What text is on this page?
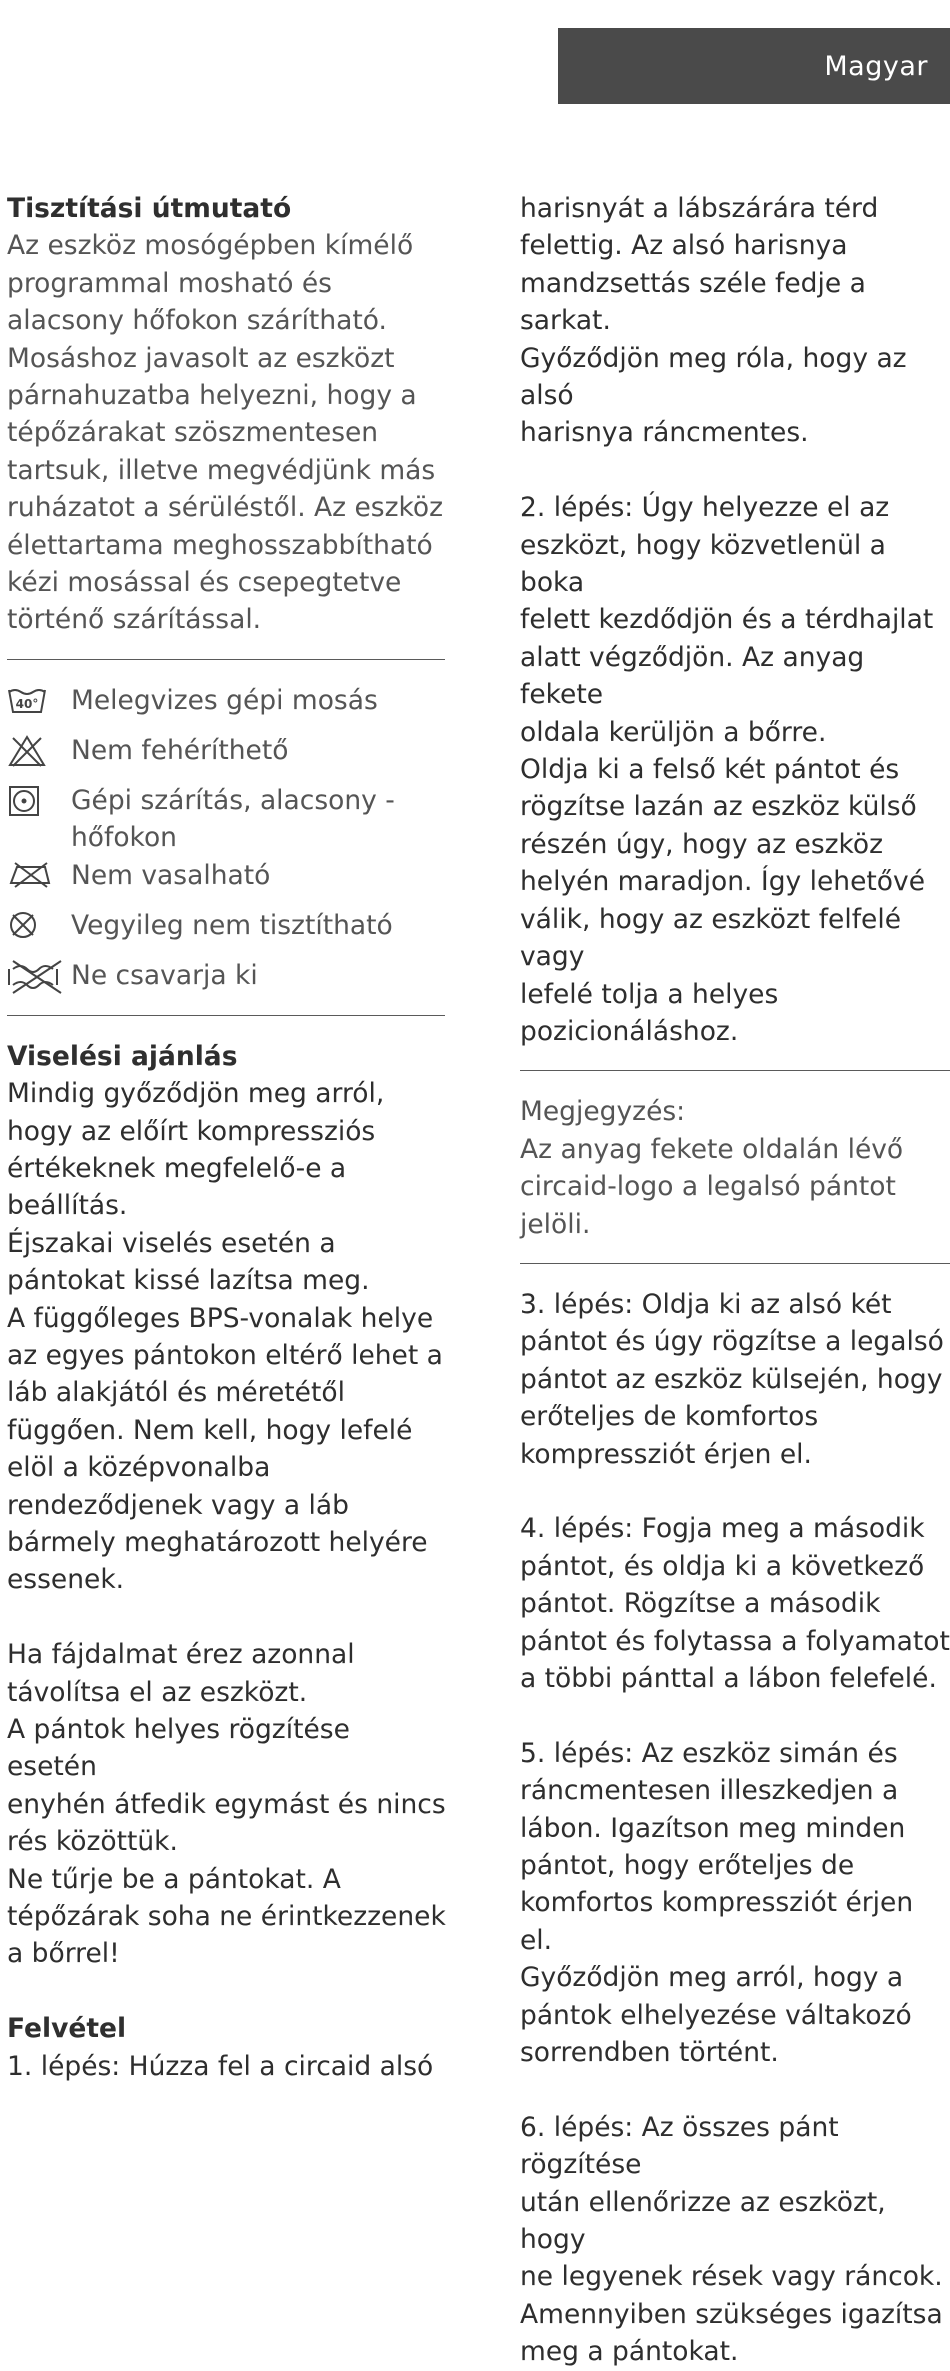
Magyar
Tisztítási útmutató
Az eszköz mosógépben kímélő
programmal mosható és
alacsony hőfokon szárítható.
Mosáshoz javasolt az eszközt
párnahuzatba helyezni, hogy a
tépőzárakat szöszmentesen
tartsuk, illetve megvédjünk más
ruházatot a sérüléstől. Az eszköz
élettartama meghosszabbítható
kézi mosással és csepegtetve
történő szárítással.
40° Melegvizes gépi mosás
Nem fehéríthető
Gépi szárítás, alacsony -
hőfokon
Nem vasalható
Vegyileg nem tisztítható
Ne csavarja ki
Viselési ajánlás
Mindig győződjön meg arról,
hogy az előírt kompressziós
értékeknek megfelelő-e a
beállítás.
Éjszakai viselés esetén a
pántokat kissé lazítsa meg.
A függőleges BPS-vonalak helye
az egyes pántokon eltérő lehet a
láb alakjától és méretétől
függően. Nem kell, hogy lefelé
elöl a középvonalba
rendeződjenek vagy a láb
bármely meghatározott helyére
essenek.
Ha fájdalmat érez azonnal
távolítsa el az eszközt.
A pántok helyes rögzítése esetén
enyhén átfedik egymást és nincs
rés közöttük.
Ne tűrje be a pántokat. A
tépőzárak soha ne érintkezzenek
a bőrrel!
Felvétel
1. lépés: Húzza fel a circaid alsó
harisnyát a lábszárára térd
felettig. Az alsó harisnya
mandzsettás széle fedje a sarkat.
Győződjön meg róla, hogy az alsó
harisnya ráncmentes.
2. lépés: Úgy helyezze el az
eszközt, hogy közvetlenül a boka
felett kezdődjön és a térdhajlat
alatt végződjön. Az anyag fekete
oldala kerüljön a bőrre.
Oldja ki a felső két pántot és
rögzítse lazán az eszköz külső
részén úgy, hogy az eszköz
helyén maradjon. Így lehetővé
válik, hogy az eszközt felfelé vagy
lefelé tolja a helyes
pozicionáláshoz.
Megjegyzés:
Az anyag fekete oldalán lévő
circaid-logo a legalsó pántot
jelöli.
3. lépés: Oldja ki az alsó két
pántot és úgy rögzítse a legalsó
pántot az eszköz külsején, hogy
erőteljes de komfortos
kompressziót érjen el.
4. lépés: Fogja meg a második
pántot, és oldja ki a következő
pántot. Rögzítse a második
pántot és folytassa a folyamatot
a többi pánttal a lábon felefelé.
5. lépés: Az eszköz simán és
ráncmentesen illeszkedjen a
lábon. Igazítson meg minden
pántot, hogy erőteljes de
komfortos kompressziót érjen el.
Győződjön meg arról, hogy a
pántok elhelyezése váltakozó
sorrendben történt.
6. lépés: Az összes pánt rögzítése
után ellenőrizze az eszközt, hogy
ne legyenek rések vagy ráncok.
Amennyiben szükséges igazítsa
meg a pántokat.
